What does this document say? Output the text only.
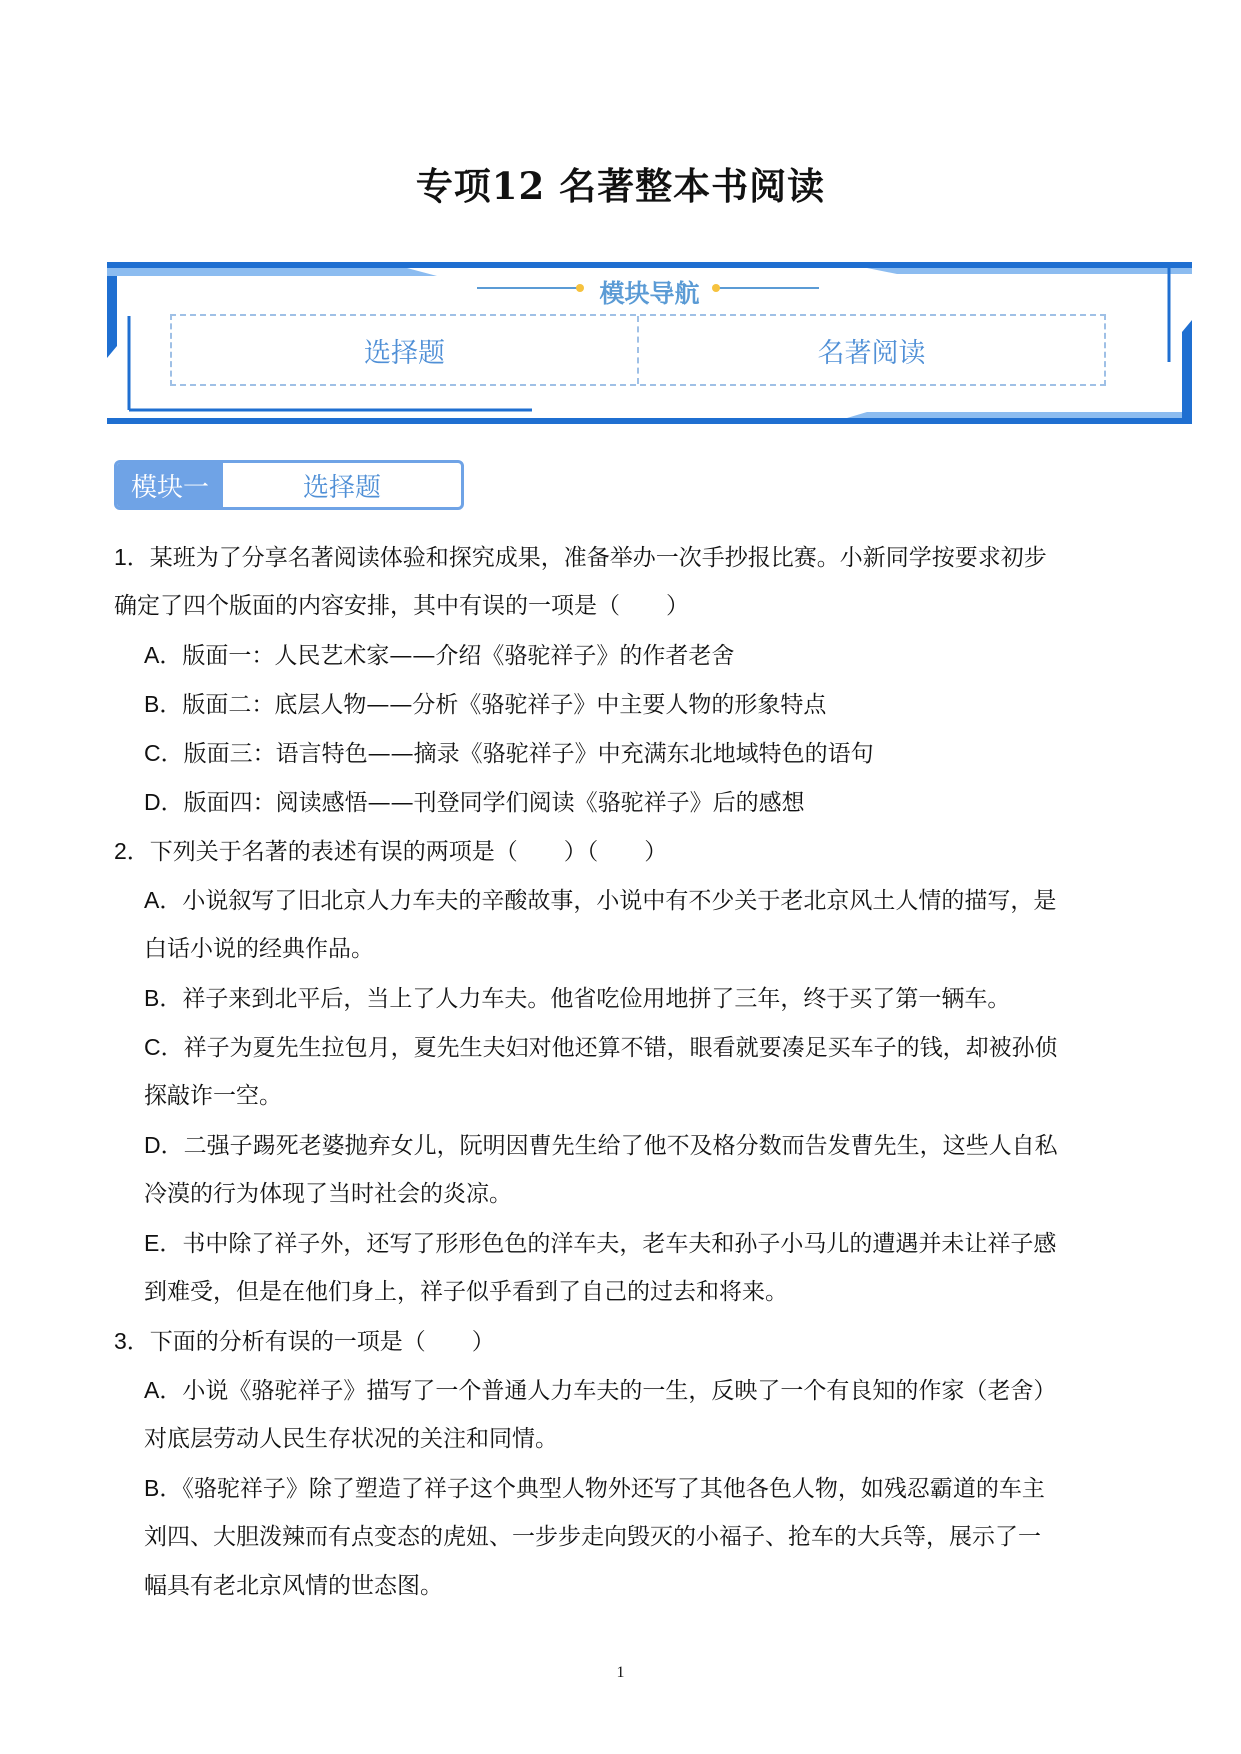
专项12 名著整本书阅读
模块导航
选择题	名著阅读
模块一	选择题

1．某班为了分享名著阅读体验和探究成果，准备举办一次手抄报比赛。小新同学按要求初步

确定了四个版面的内容安排，其中有误的一项是（　　）

A．版面一：人民艺术家——介绍《骆驼祥子》的作者老舍

B．版面二：底层人物——分析《骆驼祥子》中主要人物的形象特点

C．版面三：语言特色——摘录《骆驼祥子》中充满东北地域特色的语句

D．版面四：阅读感悟——刊登同学们阅读《骆驼祥子》后的感想

2．下列关于名著的表述有误的两项是（　　）（　　）

A．小说叙写了旧北京人力车夫的辛酸故事，小说中有不少关于老北京风土人情的描写，是

白话小说的经典作品。

B．祥子来到北平后，当上了人力车夫。他省吃俭用地拼了三年，终于买了第一辆车。

C．祥子为夏先生拉包月，夏先生夫妇对他还算不错，眼看就要凑足买车子的钱，却被孙侦

探敲诈一空。

D．二强子踢死老婆抛弃女儿，阮明因曹先生给了他不及格分数而告发曹先生，这些人自私

冷漠的行为体现了当时社会的炎凉。

E．书中除了祥子外，还写了形形色色的洋车夫，老车夫和孙子小马儿的遭遇并未让祥子感

到难受，但是在他们身上，祥子似乎看到了自己的过去和将来。

3．下面的分析有误的一项是（　　）

A．小说《骆驼祥子》描写了一个普通人力车夫的一生，反映了一个有良知的作家（老舍）

对底层劳动人民生存状况的关注和同情。

B．《骆驼祥子》除了塑造了祥子这个典型人物外还写了其他各色人物，如残忍霸道的车主

刘四、大胆泼辣而有点变态的虎妞、一步步走向毁灭的小福子、抢车的大兵等，展示了一

幅具有老北京风情的世态图。

1
